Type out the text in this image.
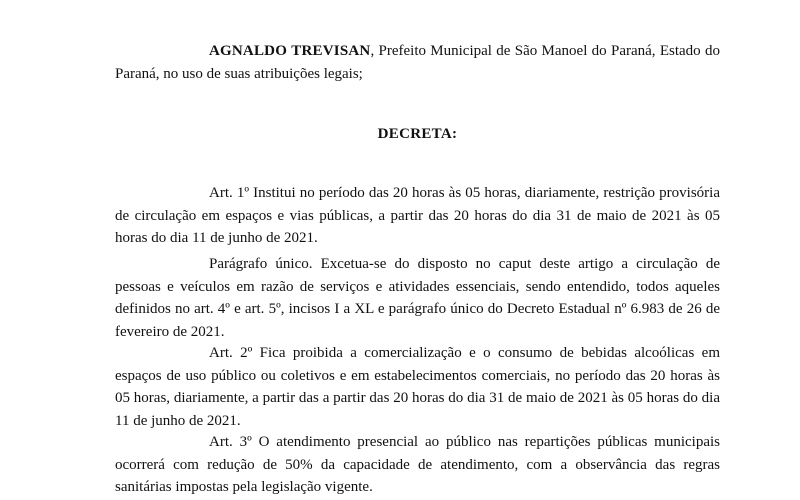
AGNALDO TREVISAN, Prefeito Municipal de São Manoel do Paraná, Estado do Paraná, no uso de suas atribuições legais;
DECRETA:
Art. 1º Institui no período das 20 horas às 05 horas, diariamente, restrição provisória de circulação em espaços e vias públicas, a partir das 20 horas do dia 31 de maio de 2021 às 05 horas do dia 11 de junho de 2021.
Parágrafo único. Excetua-se do disposto no caput deste artigo a circulação de pessoas e veículos em razão de serviços e atividades essenciais, sendo entendido, todos aqueles definidos no art. 4º e art. 5º, incisos I a XL e parágrafo único do Decreto Estadual nº 6.983 de 26 de fevereiro de 2021.
Art. 2º Fica proibida a comercialização e o consumo de bebidas alcoólicas em espaços de uso público ou coletivos e em estabelecimentos comerciais, no período das 20 horas às 05 horas, diariamente, a partir das a partir das 20 horas do dia 31 de maio de 2021 às 05 horas do dia 11 de junho de 2021.
Art. 3º O atendimento presencial ao público nas repartições públicas municipais ocorrerá com redução de 50% da capacidade de atendimento, com a observância das regras sanitárias impostas pela legislação vigente.
